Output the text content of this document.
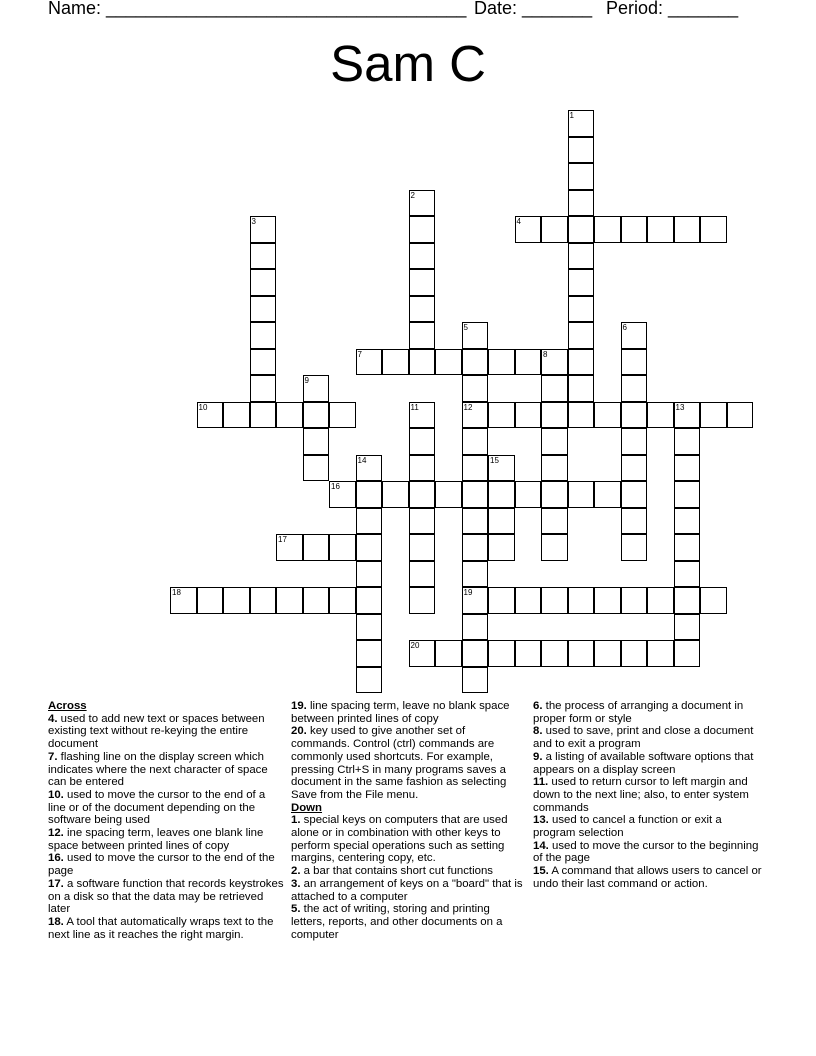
Name: ____________________________________ Date: _______ Period: _______
Sam C
1
2
3	4
5
12
19
6
7	8
9
10	11	13
14	15
16
17
18
20
Across
4. used to add new text or spaces between existing text without re-keying the entire document
7. flashing line on the display screen which indicates where the next character of space can be entered
10. used to move the cursor to the end of a line or of the document depending on the software being used
12. ine spacing term, leaves one blank line space between printed lines of copy
16. used to move the cursor to the end of the page
17. a software function that records keystrokes on a disk so that the data may be retrieved later
18. A tool that automatically wraps text to the next line as it reaches the right margin.
19. line spacing term, leave no blank space between printed lines of copy
20. key used to give another set of commands. Control (ctrl) commands are commonly used shortcuts. For example, pressing Ctrl+S in many programs saves a document in the same fashion as selecting Save from the File menu.
Down
1. special keys on computers that are used alone or in combination with other keys to perform special operations such as setting margins, centering copy, etc.
2. a bar that contains short cut functions
3. an arrangement of keys on a "board" that is attached to a computer
5. the act of writing, storing and printing letters, reports, and other documents on a computer
6. the process of arranging a document in proper form or style
8. used to save, print and close a document and to exit a program
9. a listing of available software options that appears on a display screen
11. used to return cursor to left margin and down to the next line; also, to enter system commands
13. used to cancel a function or exit a program selection
14. used to move the cursor to the beginning of the page
15. A command that allows users to cancel or undo their last command or action.
